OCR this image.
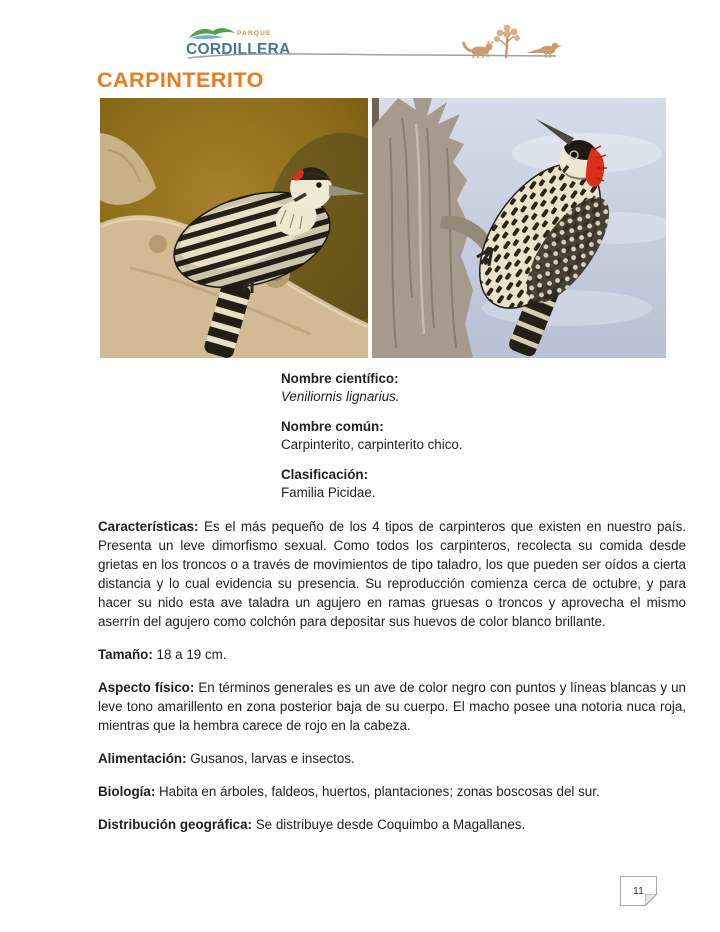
PARQUE
CORDILLERA
CARPINTERITO
Nombre científico:
Veniliornis lignarius.
Nombre común:
Carpinterito, carpinterito chico.
Clasificación:
Familia Picidae.

Características: Es el más pequeño de los 4 tipos de carpinteros que existen en nuestro país. Presenta un leve dimorfismo sexual. Como todos los carpinteros, recolecta su comida desde grietas en los troncos o a través de movimientos de tipo taladro, los que pueden ser oídos a cierta distancia y lo cual evidencia su presencia. Su reproducción comienza cerca de octubre, y para hacer su nido esta ave taladra un agujero en ramas gruesas o troncos y aprovecha el mismo aserrín del agujero como colchón para depositar sus huevos de color blanco brillante.

Tamaño: 18 a 19 cm.

Aspecto físico: En términos generales es un ave de color negro con puntos y líneas blancas y un leve tono amarillento en zona posterior baja de su cuerpo. El macho posee una notoria nuca roja, mientras que la hembra carece de rojo en la cabeza.

Alimentación: Gusanos, larvas e insectos.

Biología: Habita en árboles, faldeos, huertos, plantaciones; zonas boscosas del sur.

Distribución geográfica: Se distribuye desde Coquimbo a Magallanes.

11
